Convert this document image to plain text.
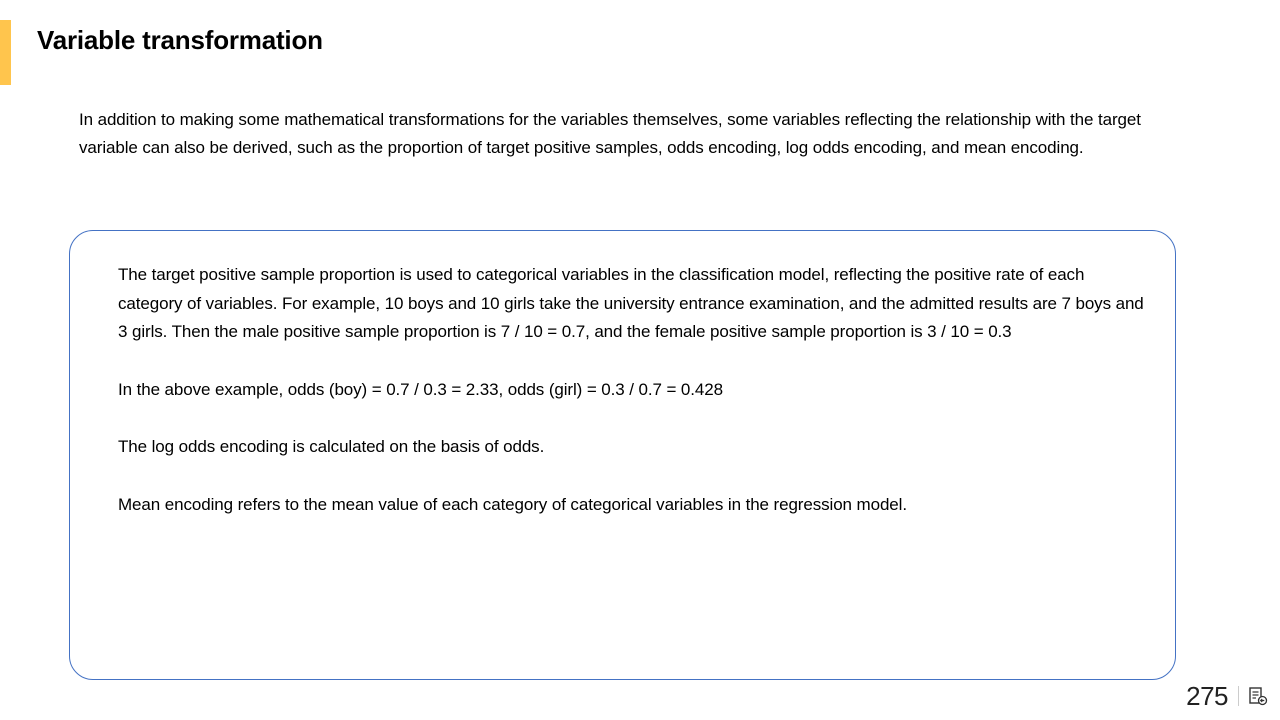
Variable transformation

In addition to making some mathematical transformations for the variables themselves, some variables reflecting the relationship with the target variable can also be derived, such as the proportion of target positive samples, odds encoding, log odds encoding, and mean encoding.

The target positive sample proportion is used to categorical variables in the classification model, reflecting the positive rate of each category of variables. For example, 10 boys and 10 girls take the university entrance examination, and the admitted results are 7 boys and 3 girls. Then the male positive sample proportion is 7 / 10 = 0.7, and the female positive sample proportion is 3 / 10 = 0.3

In the above example, odds (boy) = 0.7 / 0.3 = 2.33, odds (girl) = 0.3 / 0.7 = 0.428

The log odds encoding is calculated on the basis of odds.

Mean encoding refers to the mean value of each category of categorical variables in the regression model.

275
